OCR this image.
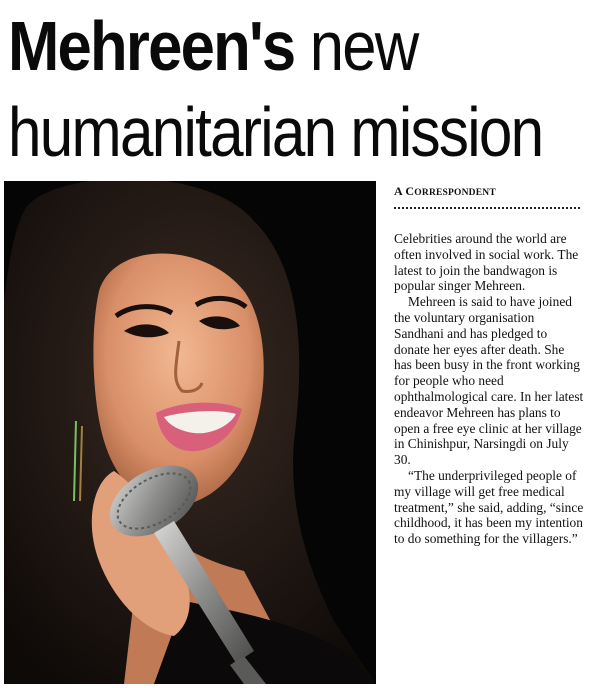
Mehreen's new
humanitarian mission
A CORRESPONDENT

Celebrities around the world are often involved in social work. The latest to join the bandwagon is popular singer Mehreen.

Mehreen is said to have joined the voluntary organisation Sandhani and has pledged to donate her eyes after death. She has been busy in the front working for people who need ophthalmological care. In her latest endeavor Mehreen has plans to open a free eye clinic at her village in Chinishpur, Narsingdi on July 30.

“The underprivileged people of my village will get free medical treatment,” she said, adding, “since childhood, it has been my intention to do something for the villagers.”
